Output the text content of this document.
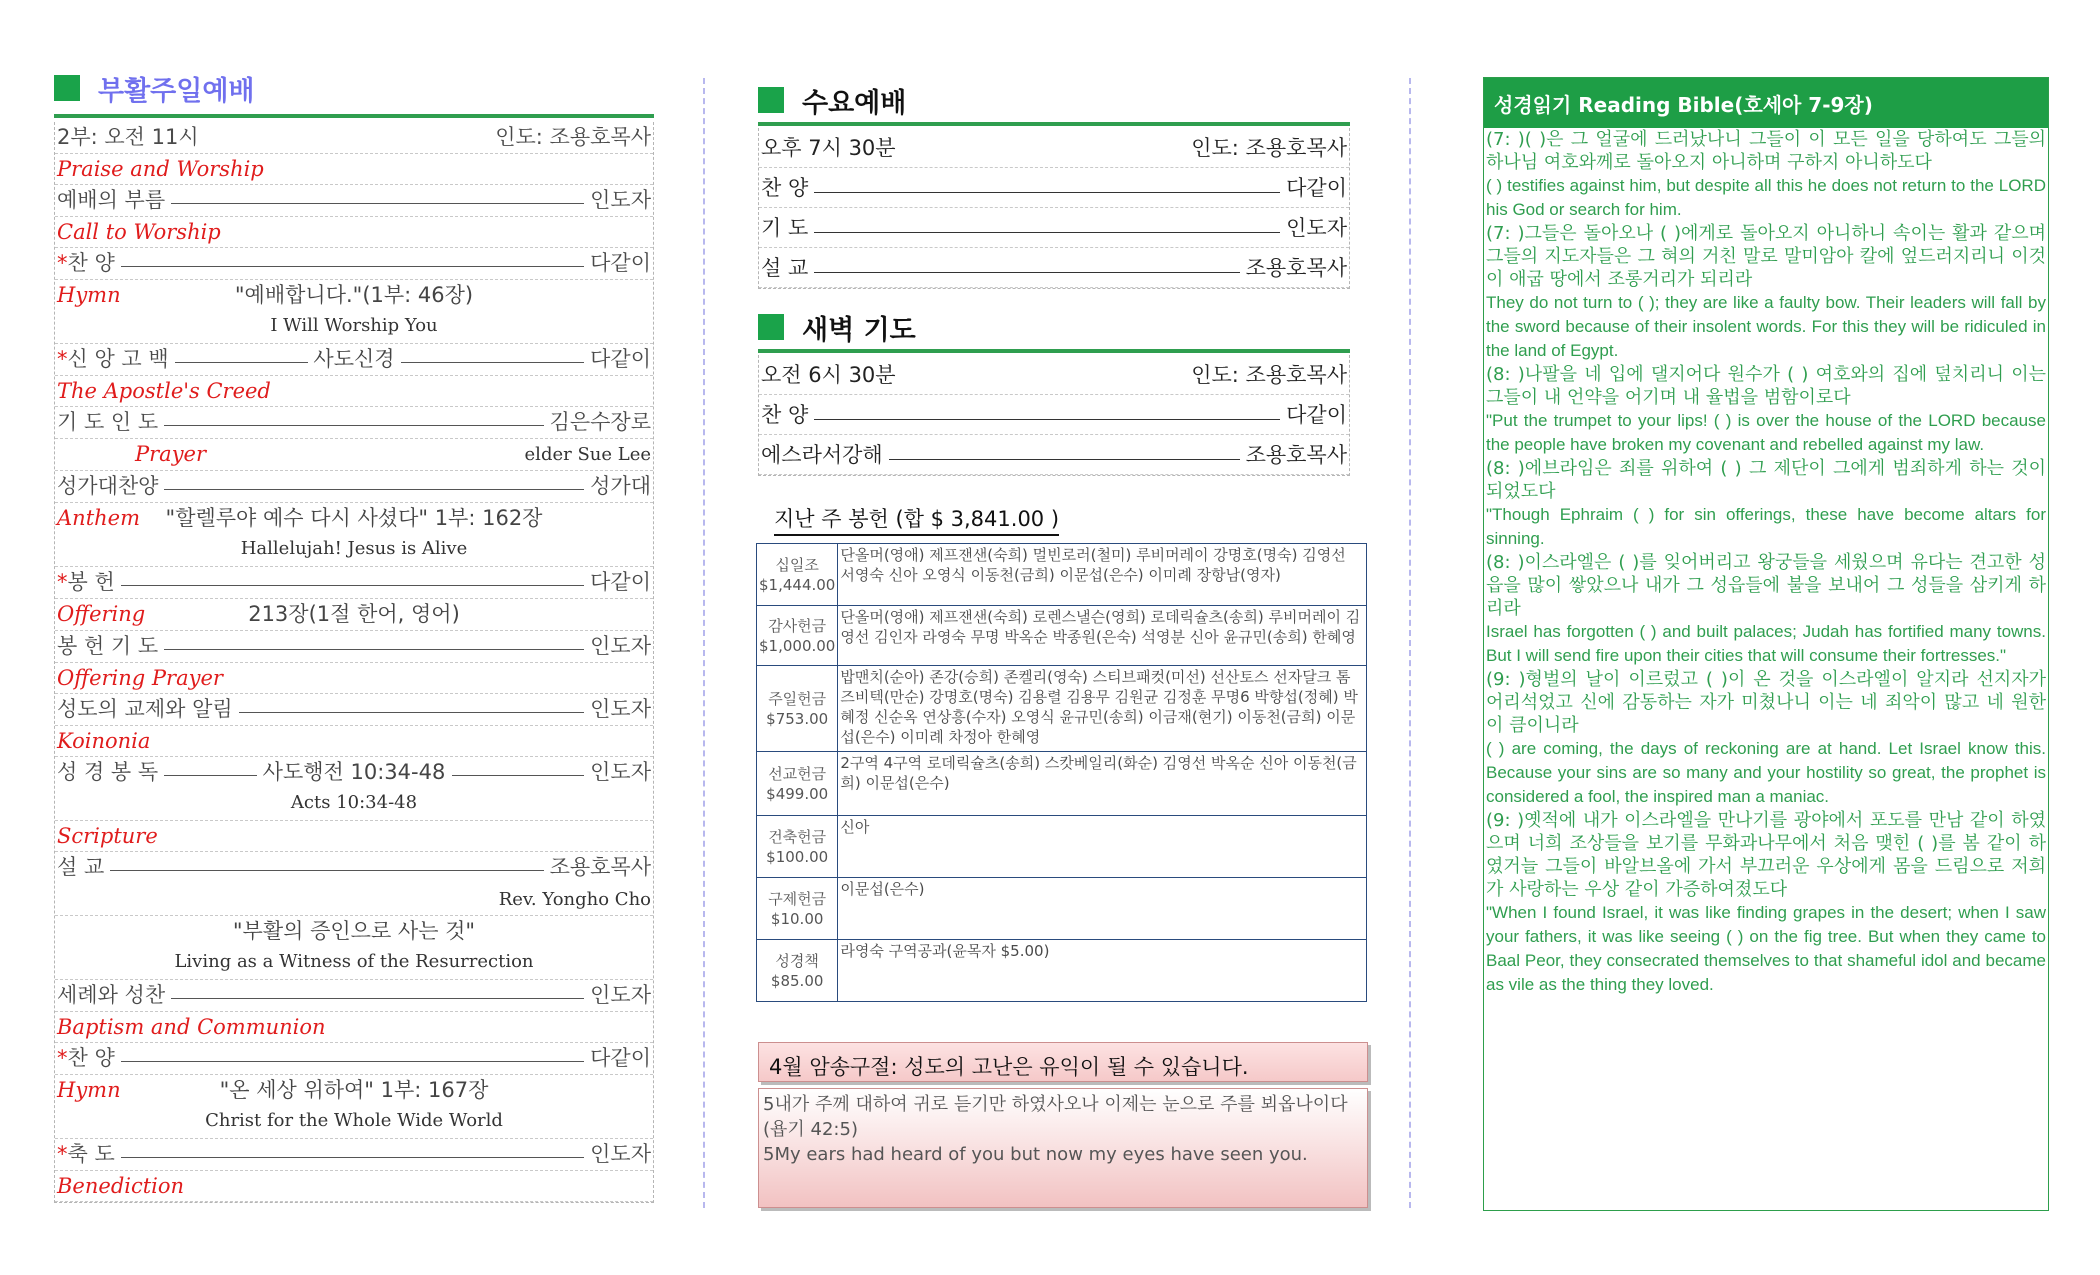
부활주일예배
2부: 오전 11시	인도: 조용호목사
Praise and Worship
예배의 부름	인도자
Call to Worship
*찬 양	다같이
Hymn	"예배합니다."(1부: 46장)
I Will Worship You
*신 앙 고 백	사도신경	다같이
The Apostle's Creed
기 도 인 도	김은수장로
Prayer	elder Sue Lee
성가대찬양	성가대
Anthem	"할렐루야 예수 다시 사셨다" 1부: 162장
Hallelujah! Jesus is Alive
*봉 헌	다같이
Offering	213장(1절 한어, 영어)
봉 헌 기 도	인도자
Offering Prayer
성도의 교제와 알림	인도자
Koinonia
성 경 봉 독	사도행전 10:34-48	인도자
Acts 10:34-48
Scripture
설 교	조용호목사
Rev. Yongho Cho
"부활의 증인으로 사는 것"
Living as a Witness of the Resurrection
세례와 성찬	인도자
Baptism and Communion
*찬 양	다같이
Hymn	"온 세상 위하여" 1부: 167장
Christ for the Whole Wide World
*축 도	인도자
Benediction
수요예배
오후 7시 30분	인도: 조용호목사
찬 양	다같이
기 도	인도자
설 교	조용호목사
새벽 기도
오전 6시 30분	인도: 조용호목사
찬 양	다같이
에스라서강해	조용호목사
지난 주 봉헌 (합 $ 3,841.00 )
십일조
$1,444.00	단올머(영애) 제프잰샌(숙희) 멀빈로러(철미) 루비머레이 강명호(명숙) 김영선 서영숙 신아 오영식 이동천(금희) 이문섭(은수) 이미례 장항남(영자)

감사헌금
$1,000.00	단올머(영애) 제프잰샌(숙희) 로렌스낼슨(영희) 로데릭슐츠(송희) 루비머레이 김영선 김인자 라영숙 무명 박옥순 박종원(은숙) 석영분 신아 윤규민(송희) 한혜영

주일헌금
$753.00	밥맨치(순아) 존강(승희) 존켈리(영숙) 스티브패컷(미선) 선산토스 선자달크 톰즈비텍(만순) 강명호(명숙) 김용렬 김용무 김원균 김정훈 무명6 박향섭(정혜) 박혜정 신순옥 연상흥(수자) 오영식 윤규민(송희) 이금재(현기) 이동천(금희) 이문섭(은수) 이미례 차정아 한혜영

선교헌금
$499.00	2구역 4구역 로데릭슐츠(송희) 스캇베일리(화순) 김영선 박옥순 신아 이동천(금희) 이문섭(은수)

건축헌금
$100.00	신아

구제헌금
$10.00	이문섭(은수)

성경책
$85.00	라영숙 구역공과(윤목자 $5.00)
4월 암송구절: 성도의 고난은 유익이 될 수 있습니다.
5내가 주께 대하여 귀로 듣기만 하였사오나 이제는 눈으로 주를 뵈옵나이다(욥기 42:5)
5My ears had heard of you but now my eyes have seen you.
성경읽기 Reading Bible(호세아 7-9장)

(7: )( )은 그 얼굴에 드러났나니 그들이 이 모든 일을 당하여도 그들의 하나님 여호와께로 돌아오지 아니하며 구하지 아니하도다

( ) testifies against him, but despite all this he does not return to the LORD his God or search for him.

(7: )그들은 돌아오나 ( )에게로 돌아오지 아니하니 속이는 활과 같으며 그들의 지도자들은 그 혀의 거친 말로 말미암아 칼에 엎드러지리니 이것이 애굽 땅에서 조롱거리가 되리라

They do not turn to ( ); they are like a faulty bow. Their leaders will fall by the sword because of their insolent words. For this they will be ridiculed in the land of Egypt.

(8: )나팔을 네 입에 댈지어다 원수가 ( ) 여호와의 집에 덮치리니 이는 그들이 내 언약을 어기며 내 율법을 범함이로다

"Put the trumpet to your lips! ( ) is over the house of the LORD because the people have broken my covenant and rebelled against my law.

(8: )에브라임은 죄를 위하여 ( ) 그 제단이 그에게 범죄하게 하는 것이 되었도다

"Though Ephraim ( ) for sin offerings, these have become altars for sinning.

(8: )이스라엘은 ( )를 잊어버리고 왕궁들을 세웠으며 유다는 견고한 성읍을 많이 쌓았으나 내가 그 성읍들에 불을 보내어 그 성들을 삼키게 하리라

Israel has forgotten ( ) and built palaces; Judah has fortified many towns. But I will send fire upon their cities that will consume their fortresses."

(9: )형벌의 날이 이르렀고 ( )이 온 것을 이스라엘이 알지라 선지자가 어리석었고 신에 감동하는 자가 미쳤나니 이는 네 죄악이 많고 네 원한이 큼이니라

( ) are coming, the days of reckoning are at hand. Let Israel know this. Because your sins are so many and your hostility so great, the prophet is considered a fool, the inspired man a maniac.

(9: )옛적에 내가 이스라엘을 만나기를 광야에서 포도를 만남 같이 하였으며 너희 조상들을 보기를 무화과나무에서 처음 맺힌 ( )를 봄 같이 하였거늘 그들이 바알브올에 가서 부끄러운 우상에게 몸을 드림으로 저희가 사랑하는 우상 같이 가증하여졌도다

"When I found Israel, it was like finding grapes in the desert; when I saw your fathers, it was like seeing ( ) on the fig tree. But when they came to Baal Peor, they consecrated themselves to that shameful idol and became as vile as the thing they loved.
